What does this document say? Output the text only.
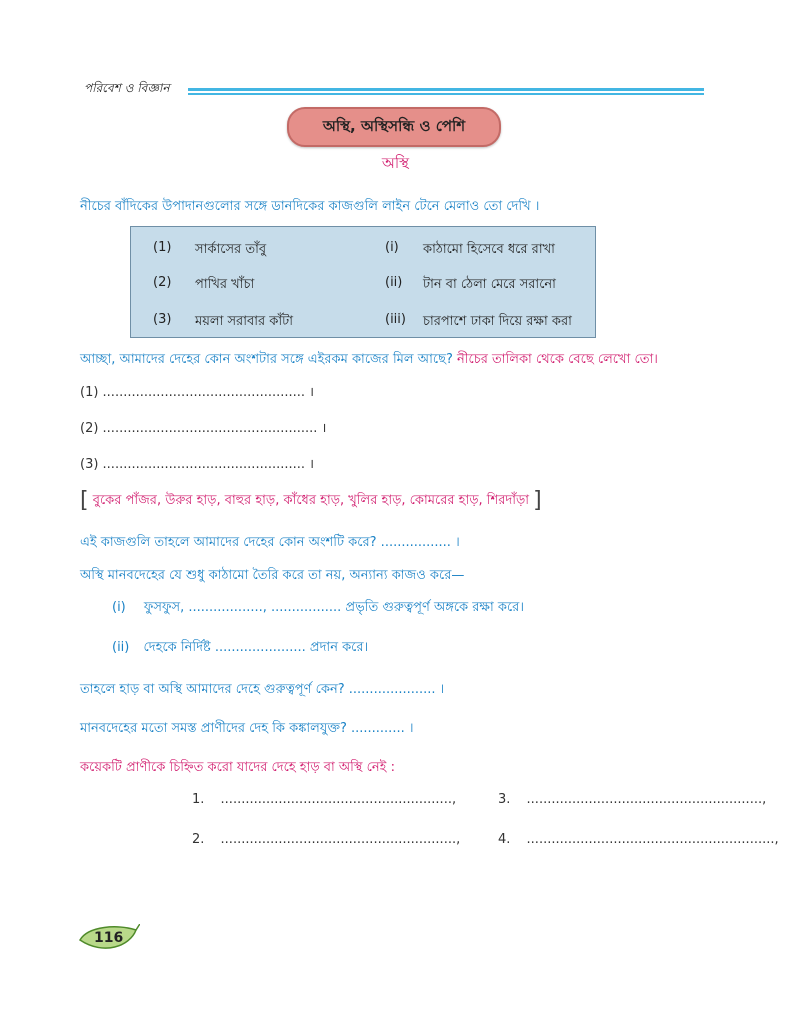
পরিবেশ ও বিজ্ঞান
অস্থি, অস্থিসন্ধি ও পেশি
অস্থি
নীচের বাঁদিকের উপাদানগুলোর সঙ্গে ডানদিকের কাজগুলি লাইন টেনে মেলাও তো দেখি ।
(1) সার্কাসের তাঁবু
(2) পাখির খাঁচা
(3) ময়লা সরাবার কাঁটা
(i) কাঠামো হিসেবে ধরে রাখা
(ii) টান বা ঠেলা মেরে সরানো
(iii) চারপাশে ঢাকা দিয়ে রক্ষা করা
আচ্ছা, আমাদের দেহের কোন অংশটার সঙ্গে এইরকম কাজের মিল আছে? নীচের তালিকা থেকে বেছে লেখো তো।
(1) ................................................. ।
(2) .................................................... ।
(3) ................................................. ।
[ বুকের পাঁজর, উরুর হাড়, বাহুর হাড়, কাঁধের হাড়, খুলির হাড়, কোমরের হাড়, শিরদাঁড়া ]
এই কাজগুলি তাহলে আমাদের দেহের কোন অংশটি করে? ................. ।
অস্থি মানবদেহের যে শুধু কাঠামো তৈরি করে তা নয়, অন্যান্য কাজও করে—
(i) ফুসফুস, .................., ................. প্রভৃতি গুরুত্বপূর্ণ অঙ্গকে রক্ষা করে।
(ii) দেহকে নির্দিষ্ট ...................... প্রদান করে।
তাহলে হাড় বা অস্থি আমাদের দেহে গুরুত্বপূর্ণ কেন? ..................... ।
মানবদেহের মতো সমস্ত প্রাণীদের দেহ কি কঙ্কালযুক্ত? ............. ।
কয়েকটি প্রাণীকে চিহ্নিত করো যাদের দেহে হাড় বা অস্থি নেই :
1. ........................................................,	3. .........................................................,
2. .........................................................,	4. ............................................................,
116
